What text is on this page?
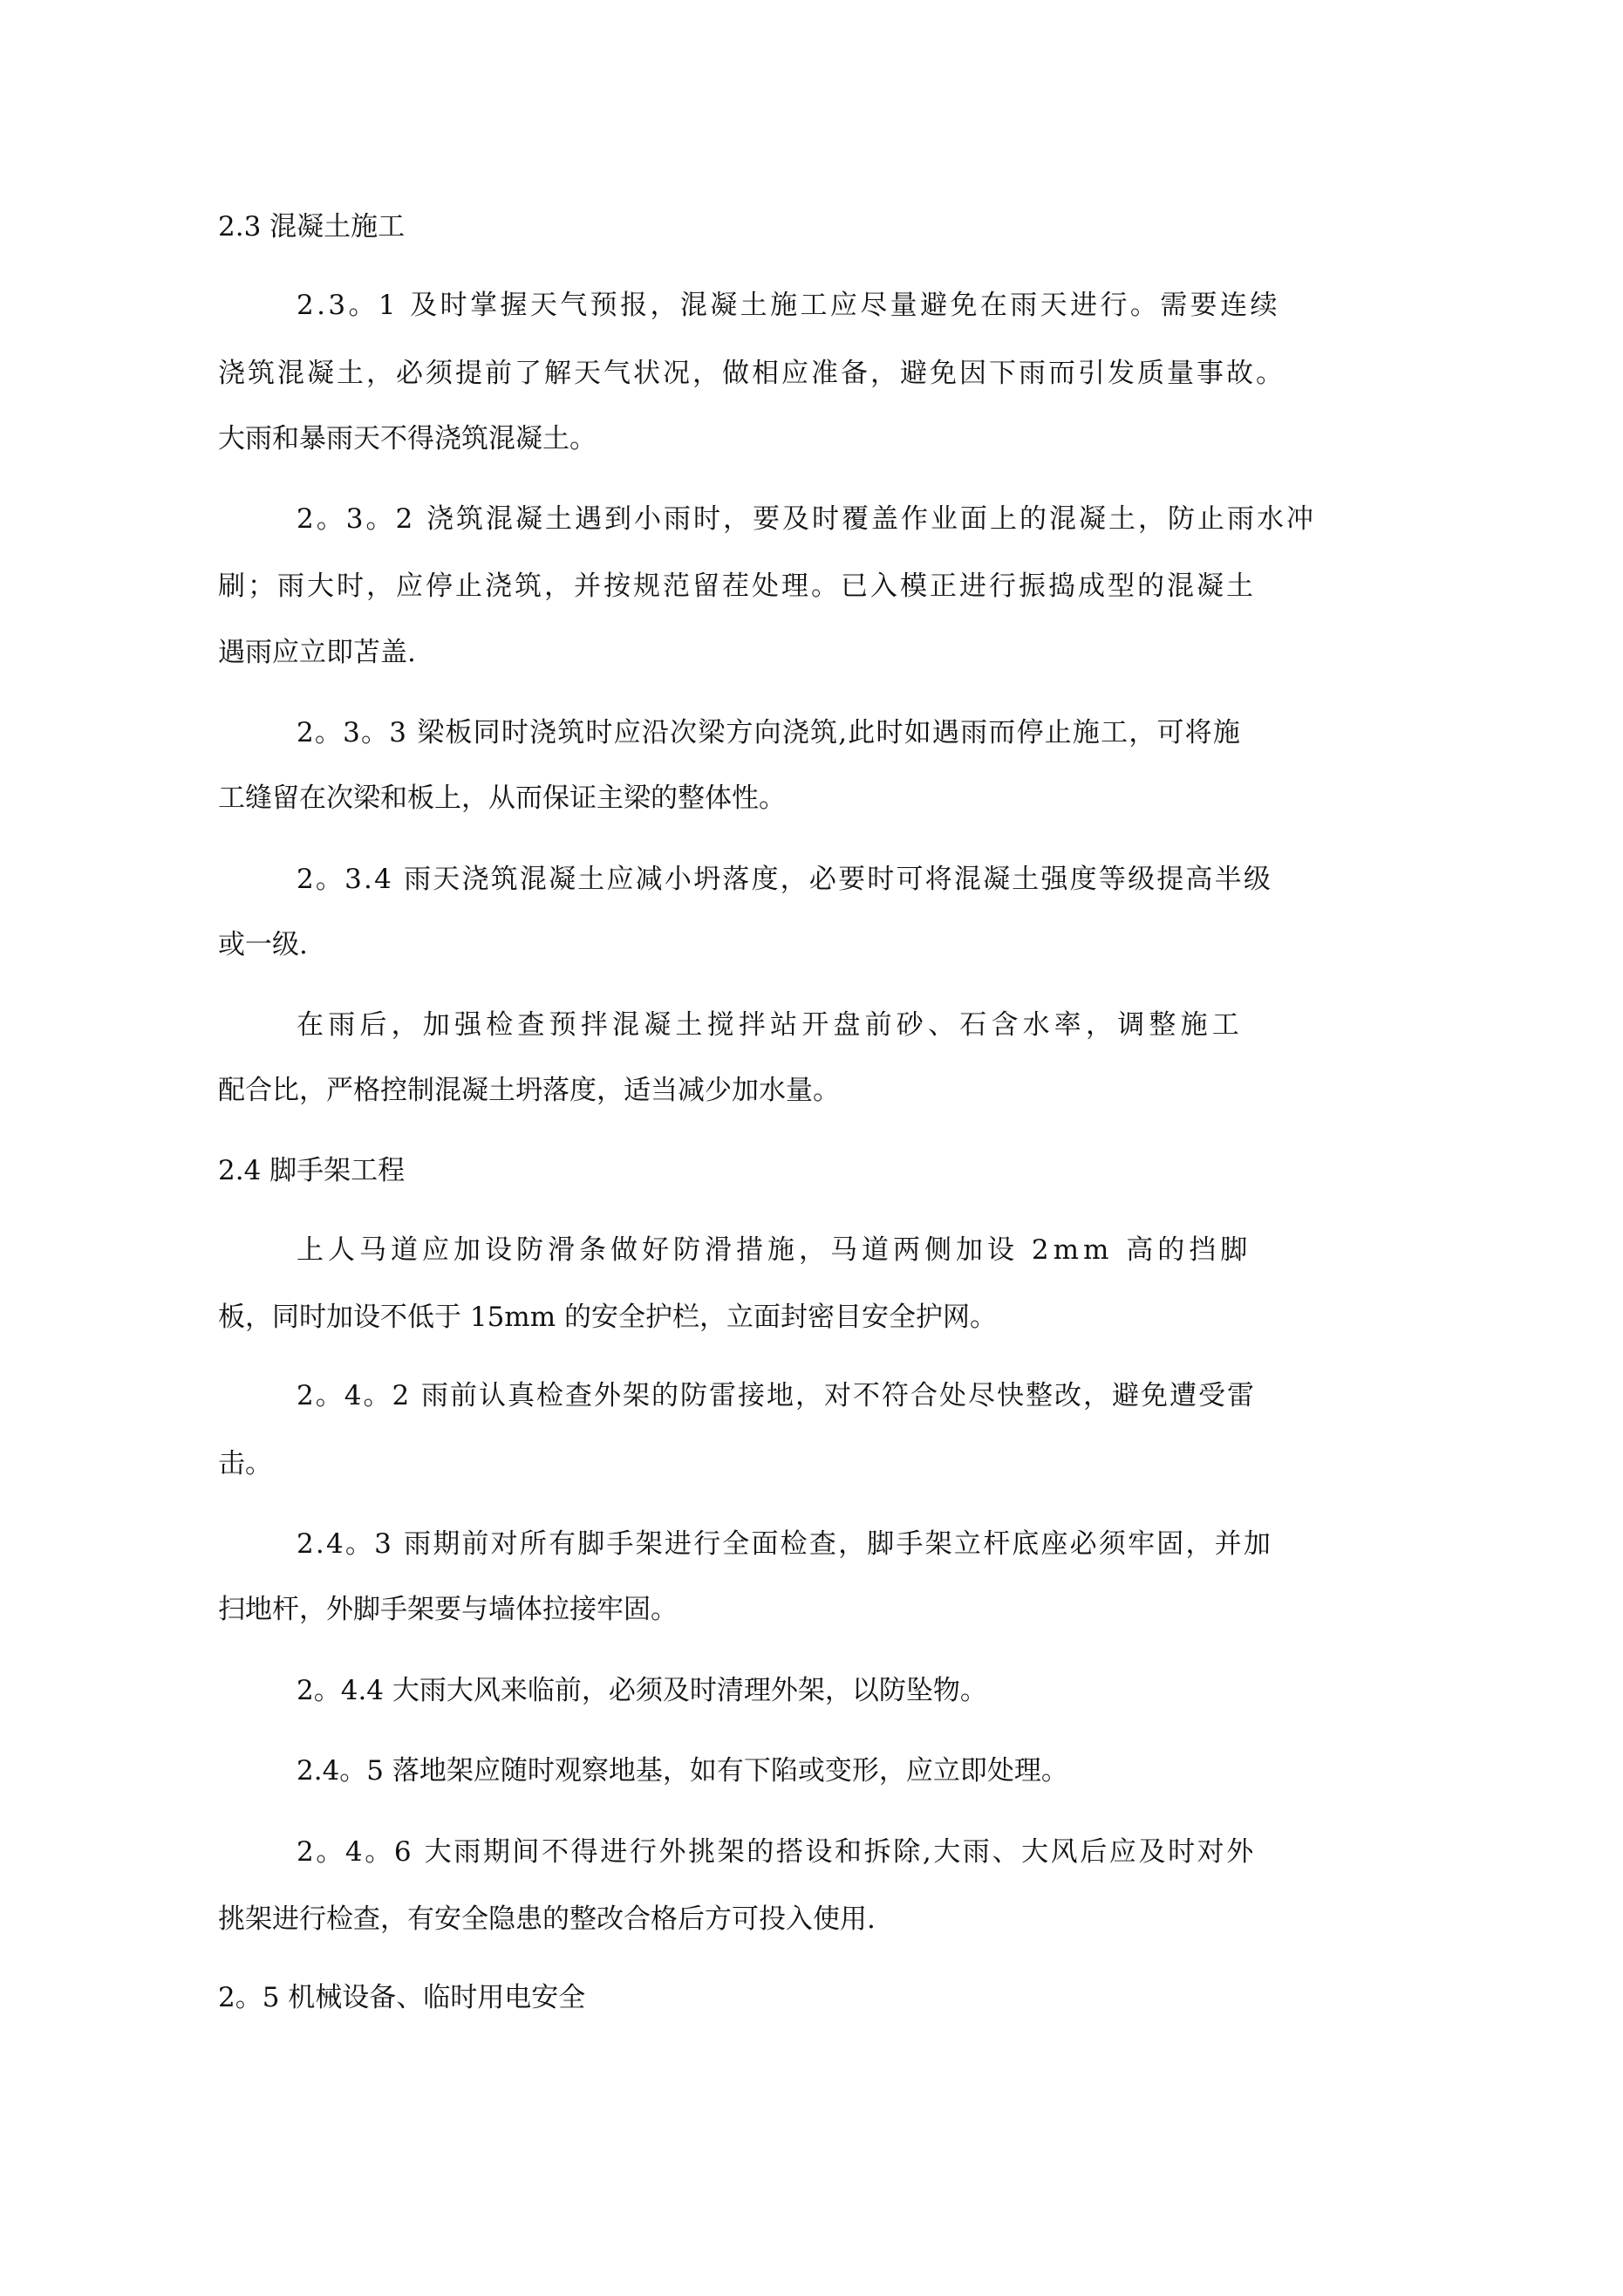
2.3 混凝土施工
2.3。1 及时掌握天气预报，混凝土施工应尽量避免在雨天进行。需要连续
浇筑混凝土，必须提前了解天气状况，做相应准备，避免因下雨而引发质量事故。
大雨和暴雨天不得浇筑混凝土。
2。3。2 浇筑混凝土遇到小雨时，要及时覆盖作业面上的混凝土，防止雨水冲
刷；雨大时，应停止浇筑，并按规范留茬处理。已入模正进行振捣成型的混凝土
遇雨应立即苫盖.
2。3。3 梁板同时浇筑时应沿次梁方向浇筑,此时如遇雨而停止施工，可将施
工缝留在次梁和板上，从而保证主梁的整体性。
2。3.4 雨天浇筑混凝土应减小坍落度，必要时可将混凝土强度等级提高半级
或一级.
在雨后，加强检查预拌混凝土搅拌站开盘前砂、石含水率，调整施工
配合比，严格控制混凝土坍落度，适当减少加水量。
2.4 脚手架工程
上人马道应加设防滑条做好防滑措施，马道两侧加设 2mm 高的挡脚
板，同时加设不低于 15mm 的安全护栏，立面封密目安全护网。
2。4。2 雨前认真检查外架的防雷接地，对不符合处尽快整改，避免遭受雷
击。
2.4。3 雨期前对所有脚手架进行全面检查，脚手架立杆底座必须牢固，并加
扫地杆，外脚手架要与墙体拉接牢固。
2。4.4 大雨大风来临前，必须及时清理外架，以防坠物。
2.4。5 落地架应随时观察地基，如有下陷或变形，应立即处理。
2。4。6 大雨期间不得进行外挑架的搭设和拆除,大雨、大风后应及时对外
挑架进行检查，有安全隐患的整改合格后方可投入使用.
2。5 机械设备、临时用电安全
